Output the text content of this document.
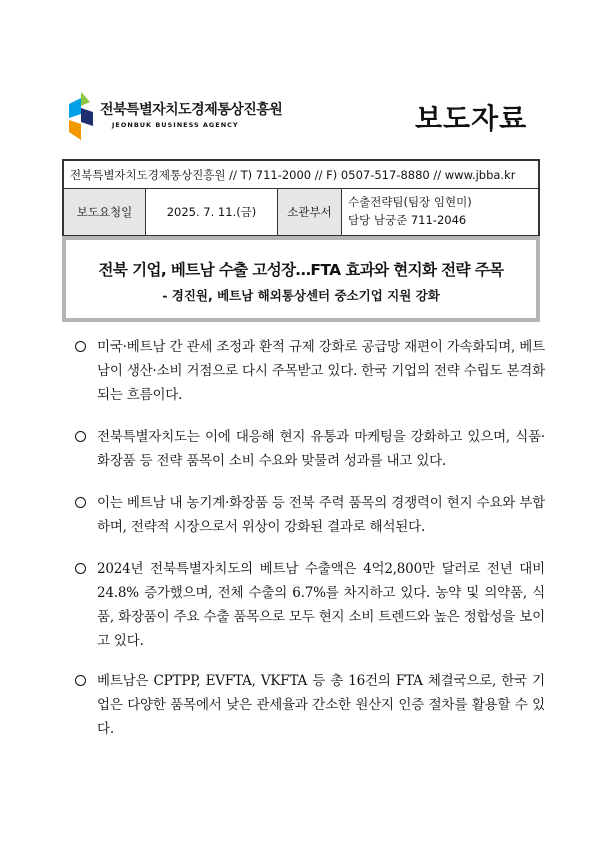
전북특별자치도경제통상진흥원
JEONBUK BUSINESS AGENCY	보도자료
전북특별자치도경제통상진흥원 // T) 711-2000 // F) 0507-517-8880 // www.jbba.kr
보도요청일	2025. 7. 11.(금)	소관부서
수출전략팀(팀장 임현미)
담당 남궁준 711-2046
전북 기업, 베트남 수출 고성장…FTA 효과와 현지화 전략 주목
- 경진원, 베트남 해외통상센터 중소기업 지원 강화
미국·베트남 간 관세 조정과 환적 규제 강화로 공급망 재편이 가속화되며, 베트남이 생산·소비 거점으로 다시 주목받고 있다. 한국 기업의 전략 수립도 본격화되는 흐름이다.
전북특별자치도는 이에 대응해 현지 유통과 마케팅을 강화하고 있으며, 식품·화장품 등 전략 품목이 소비 수요와 맞물려 성과를 내고 있다.
이는 베트남 내 농기계·화장품 등 전북 주력 품목의 경쟁력이 현지 수요와 부합하며, 전략적 시장으로서 위상이 강화된 결과로 해석된다.
2024년 전북특별자치도의 베트남 수출액은 4억2,800만 달러로 전년 대비 24.8% 증가했으며, 전체 수출의 6.7%를 차지하고 있다. 농약 및 의약품, 식품, 화장품이 주요 수출 품목으로 모두 현지 소비 트렌드와 높은 정합성을 보이고 있다.
베트남은 CPTPP, EVFTA, VKFTA 등 총 16건의 FTA 체결국으로, 한국 기업은 다양한 품목에서 낮은 관세율과 간소한 원산지 인증 절차를 활용할 수 있다.
